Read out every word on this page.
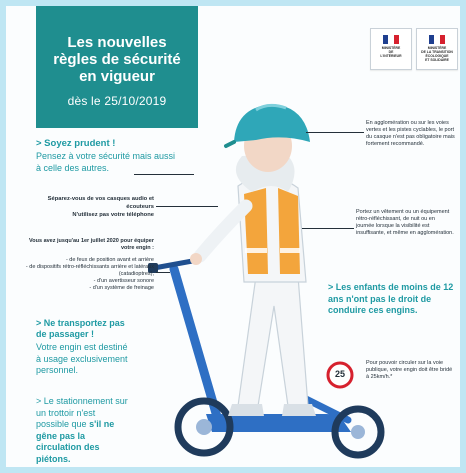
Les nouvelles
règles de sécurité
en vigueur
dès le 25/10/2019
MINISTÈRE
DE
L'INTÉRIEUR
MINISTÈRE
DE LA TRANSITION
ÉCOLOGIQUE
ET SOLIDAIRE
> Soyez prudent !
Pensez à votre sécurité mais aussi à celle des autres.
Séparez-vous de vos casques audio et écouteurs
N'utilisez pas votre téléphone
Vous avez jusqu'au 1er juillet 2020 pour équiper votre engin :
- de feux de position avant et arrière
- de dispositifs rétro-réfléchissants arrière et latéraux (catadioptres),
- d'un avertisseur sonore
- d'un système de freinage
> Ne transportez pas de passager !
Votre engin est destiné à usage exclusivement personnel.
> Le stationnement sur un trottoir n'est possible que s'il ne gêne pas la circulation des piétons.
En agglomération ou sur les voies vertes et les pistes cyclables, le port du casque n'est pas obligatoire mais fortement recommandé.
Portez un vêtement ou un équipement rétro-réfléchissant, de nuit ou en journée lorsque la visibilité est insuffisante, et même en agglomération.
> Les enfants de moins de 12 ans n'ont pas le droit de conduire ces engins.
25
Pour pouvoir circuler sur la voie publique, votre engin doit être bridé à 25km/h.*
